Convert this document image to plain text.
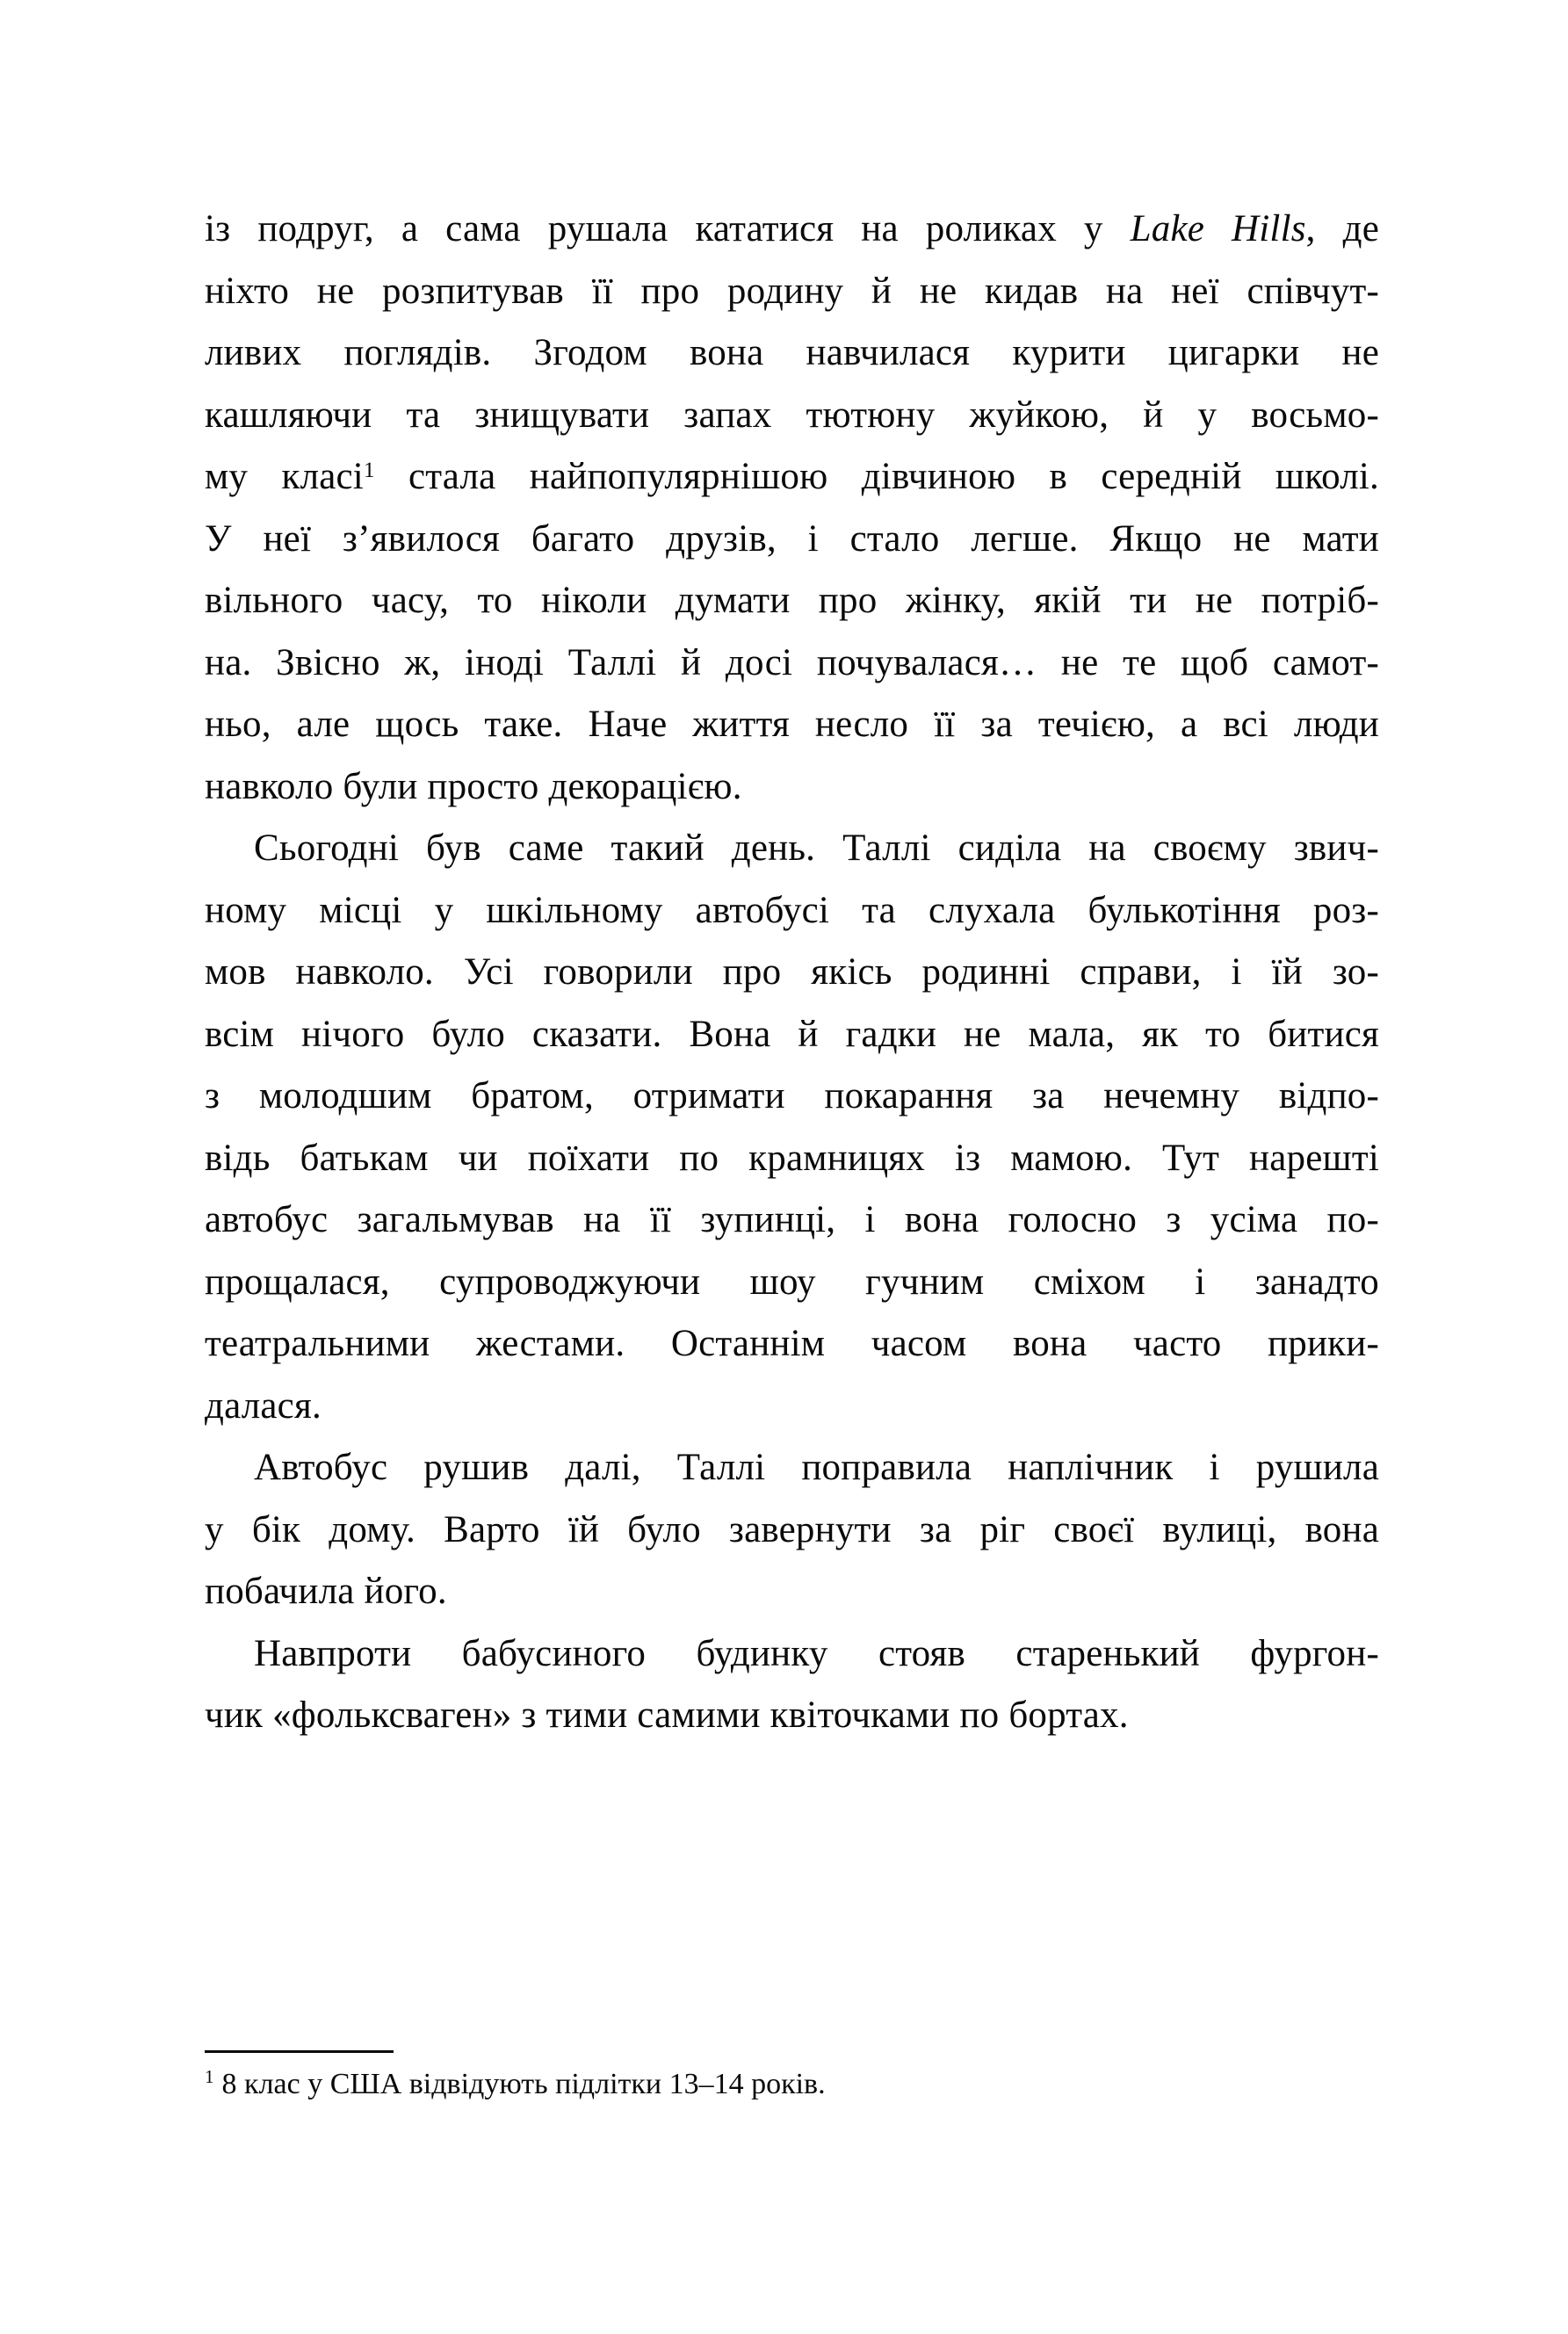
із подруг, а сама рушала кататися на роликах у Lake Hills, де
ніхто не розпитував її про родину й не кидав на неї співчут-
ливих поглядів. Згодом вона навчилася курити цигарки не
кашляючи та знищувати запах тютюну жуйкою, й у восьмо-
му класі$^1$ стала найпопулярнішою дівчиною в середній школі.
У неї з’явилося багато друзів, і стало легше. Якщо не мати
вільного часу, то ніколи думати про жінку, якій ти не потріб-
на. Звісно ж, іноді Таллі й досі почувалася… не те щоб самот-
ньо, але щось таке. Наче життя несло її за течією, а всі люди
навколо були просто декорацією.
Сьогодні був саме такий день. Таллі сиділа на своєму звич-
ному місці у шкільному автобусі та слухала булькотіння роз-
мов навколо. Усі говорили про якісь родинні справи, і їй зо-
всім нічого було сказати. Вона й гадки не мала, як то битися
з молодшим братом, отримати покарання за нечемну відпо-
відь батькам чи поїхати по крамницях із мамою. Тут нарешті
автобус загальмував на її зупинці, і вона голосно з усіма по-
прощалася, супроводжуючи шоу гучним сміхом і занадто
театральними жестами. Останнім часом вона часто прики-
далася.
Автобус рушив далі, Таллі поправила наплічник і рушила
у бік дому. Варто їй було завернути за ріг своєї вулиці, вона
побачила його.
Навпроти бабусиного будинку стояв старенький фургон-
чик «фольксваген» з тими самими квіточками по бортах.
$^1$ 8 клас у США відвідують підлітки 13–14 років.
